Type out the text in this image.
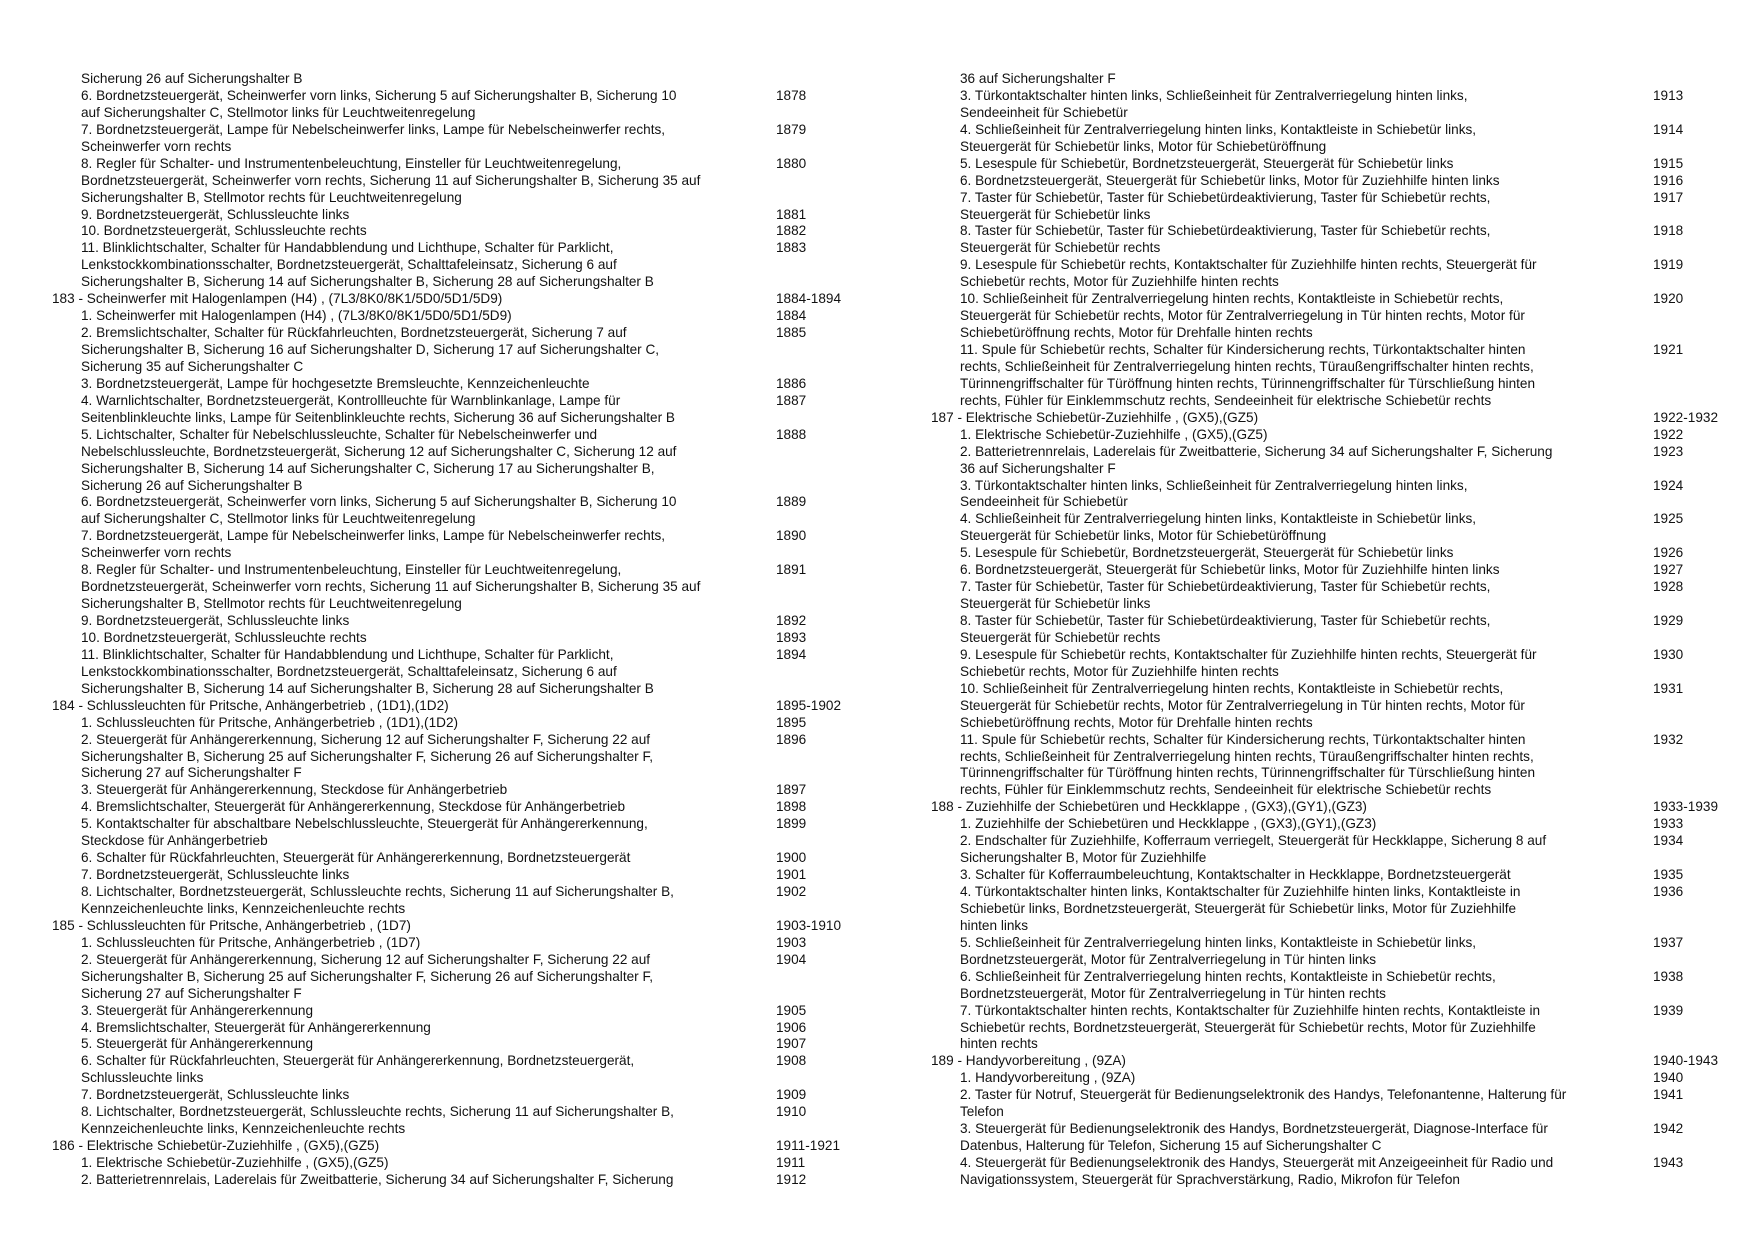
Sicherung 26 auf Sicherungshalter B
6. Bordnetzsteuergerät, Scheinwerfer vorn links, Sicherung 5 auf Sicherungshalter B, Sicherung 10	1878
auf Sicherungshalter C, Stellmotor links für Leuchtweitenregelung
7. Bordnetzsteuergerät, Lampe für Nebelscheinwerfer links, Lampe für Nebelscheinwerfer rechts,	1879
Scheinwerfer vorn rechts
8. Regler für Schalter- und Instrumentenbeleuchtung, Einsteller für Leuchtweitenregelung,	1880
Bordnetzsteuergerät, Scheinwerfer vorn rechts, Sicherung 11 auf Sicherungshalter B, Sicherung 35 auf
Sicherungshalter B, Stellmotor rechts für Leuchtweitenregelung
9. Bordnetzsteuergerät, Schlussleuchte links	1881
10. Bordnetzsteuergerät, Schlussleuchte rechts	1882
11. Blinklichtschalter, Schalter für Handabblendung und Lichthupe, Schalter für Parklicht,	1883
Lenkstockkombinationsschalter, Bordnetzsteuergerät, Schalttafeleinsatz, Sicherung 6 auf
Sicherungshalter B, Sicherung 14 auf Sicherungshalter B, Sicherung 28 auf Sicherungshalter B
183 - Scheinwerfer mit Halogenlampen (H4) , (7L3/8K0/8K1/5D0/5D1/5D9)	1884-1894
1. Scheinwerfer mit Halogenlampen (H4) , (7L3/8K0/8K1/5D0/5D1/5D9)	1884
2. Bremslichtschalter, Schalter für Rückfahrleuchten, Bordnetzsteuergerät, Sicherung 7 auf	1885
Sicherungshalter B, Sicherung 16 auf Sicherungshalter D, Sicherung 17 auf Sicherungshalter C,
Sicherung 35 auf Sicherungshalter C
3. Bordnetzsteuergerät, Lampe für hochgesetzte Bremsleuchte, Kennzeichenleuchte	1886
4. Warnlichtschalter, Bordnetzsteuergerät, Kontrollleuchte für Warnblinkanlage, Lampe für	1887
Seitenblinkleuchte links, Lampe für Seitenblinkleuchte rechts, Sicherung 36 auf Sicherungshalter B
5. Lichtschalter, Schalter für Nebelschlussleuchte, Schalter für Nebelscheinwerfer und	1888
Nebelschlussleuchte, Bordnetzsteuergerät, Sicherung 12 auf Sicherungshalter C, Sicherung 12 auf
Sicherungshalter B, Sicherung 14 auf Sicherungshalter C, Sicherung 17 au Sicherungshalter B,
Sicherung 26 auf Sicherungshalter B
6. Bordnetzsteuergerät, Scheinwerfer vorn links, Sicherung 5 auf Sicherungshalter B, Sicherung 10	1889
auf Sicherungshalter C, Stellmotor links für Leuchtweitenregelung
7. Bordnetzsteuergerät, Lampe für Nebelscheinwerfer links, Lampe für Nebelscheinwerfer rechts,	1890
Scheinwerfer vorn rechts
8. Regler für Schalter- und Instrumentenbeleuchtung, Einsteller für Leuchtweitenregelung,	1891
Bordnetzsteuergerät, Scheinwerfer vorn rechts, Sicherung 11 auf Sicherungshalter B, Sicherung 35 auf
Sicherungshalter B, Stellmotor rechts für Leuchtweitenregelung
9. Bordnetzsteuergerät, Schlussleuchte links	1892
10. Bordnetzsteuergerät, Schlussleuchte rechts	1893
11. Blinklichtschalter, Schalter für Handabblendung und Lichthupe, Schalter für Parklicht,	1894
Lenkstockkombinationsschalter, Bordnetzsteuergerät, Schalttafeleinsatz, Sicherung 6 auf
Sicherungshalter B, Sicherung 14 auf Sicherungshalter B, Sicherung 28 auf Sicherungshalter B
184 - Schlussleuchten für Pritsche, Anhängerbetrieb , (1D1),(1D2)	1895-1902
1. Schlussleuchten für Pritsche, Anhängerbetrieb , (1D1),(1D2)	1895
2. Steuergerät für Anhängererkennung, Sicherung 12 auf Sicherungshalter F, Sicherung 22 auf	1896
Sicherungshalter B, Sicherung 25 auf Sicherungshalter F, Sicherung 26 auf Sicherungshalter F,
Sicherung 27 auf Sicherungshalter F
3. Steuergerät für Anhängererkennung, Steckdose für Anhängerbetrieb	1897
4. Bremslichtschalter, Steuergerät für Anhängererkennung, Steckdose für Anhängerbetrieb	1898
5. Kontaktschalter für abschaltbare Nebelschlussleuchte, Steuergerät für Anhängererkennung,	1899
Steckdose für Anhängerbetrieb
6. Schalter für Rückfahrleuchten, Steuergerät für Anhängererkennung, Bordnetzsteuergerät	1900
7. Bordnetzsteuergerät, Schlussleuchte links	1901
8. Lichtschalter, Bordnetzsteuergerät, Schlussleuchte rechts, Sicherung 11 auf Sicherungshalter B,	1902
Kennzeichenleuchte links, Kennzeichenleuchte rechts
185 - Schlussleuchten für Pritsche, Anhängerbetrieb , (1D7)	1903-1910
1. Schlussleuchten für Pritsche, Anhängerbetrieb , (1D7)	1903
2. Steuergerät für Anhängererkennung, Sicherung 12 auf Sicherungshalter F, Sicherung 22 auf	1904
Sicherungshalter B, Sicherung 25 auf Sicherungshalter F, Sicherung 26 auf Sicherungshalter F,
Sicherung 27 auf Sicherungshalter F
3. Steuergerät für Anhängererkennung	1905
4. Bremslichtschalter, Steuergerät für Anhängererkennung	1906
5. Steuergerät für Anhängererkennung	1907
6. Schalter für Rückfahrleuchten, Steuergerät für Anhängererkennung, Bordnetzsteuergerät,	1908
Schlussleuchte links
7. Bordnetzsteuergerät, Schlussleuchte links	1909
8. Lichtschalter, Bordnetzsteuergerät, Schlussleuchte rechts, Sicherung 11 auf Sicherungshalter B,	1910
Kennzeichenleuchte links, Kennzeichenleuchte rechts
186 - Elektrische Schiebetür-Zuziehhilfe , (GX5),(GZ5)	1911-1921
1. Elektrische Schiebetür-Zuziehhilfe , (GX5),(GZ5)	1911
2. Batterietrennrelais, Laderelais für Zweitbatterie, Sicherung 34 auf Sicherungshalter F, Sicherung	1912
36 auf Sicherungshalter F
3. Türkontaktschalter hinten links, Schließeinheit für Zentralverriegelung hinten links,	1913
Sendeeinheit für Schiebetür
4. Schließeinheit für Zentralverriegelung hinten links, Kontaktleiste in Schiebetür links,	1914
Steuergerät für Schiebetür links, Motor für Schiebetüröffnung
5. Lesespule für Schiebetür, Bordnetzsteuergerät, Steuergerät für Schiebetür links	1915
6. Bordnetzsteuergerät, Steuergerät für Schiebetür links, Motor für Zuziehhilfe hinten links	1916
7. Taster für Schiebetür, Taster für Schiebetürdeaktivierung, Taster für Schiebetür rechts,	1917
Steuergerät für Schiebetür links
8. Taster für Schiebetür, Taster für Schiebetürdeaktivierung, Taster für Schiebetür rechts,	1918
Steuergerät für Schiebetür rechts
9. Lesespule für Schiebetür rechts, Kontaktschalter für Zuziehhilfe hinten rechts, Steuergerät für	1919
Schiebetür rechts, Motor für Zuziehhilfe hinten rechts
10. Schließeinheit für Zentralverriegelung hinten rechts, Kontaktleiste in Schiebetür rechts,	1920
Steuergerät für Schiebetür rechts, Motor für Zentralverriegelung in Tür hinten rechts, Motor für
Schiebetüröffnung rechts, Motor für Drehfalle hinten rechts
11. Spule für Schiebetür rechts, Schalter für Kindersicherung rechts, Türkontaktschalter hinten	1921
rechts, Schließeinheit für Zentralverriegelung hinten rechts, Türaußengriffschalter hinten rechts,
Türinnengriffschalter für Türöffnung hinten rechts, Türinnengriffschalter für Türschließung hinten
rechts, Fühler für Einklemmschutz rechts, Sendeeinheit für elektrische Schiebetür rechts
187 - Elektrische Schiebetür-Zuziehhilfe , (GX5),(GZ5)	1922-1932
1. Elektrische Schiebetür-Zuziehhilfe , (GX5),(GZ5)	1922
2. Batterietrennrelais, Laderelais für Zweitbatterie, Sicherung 34 auf Sicherungshalter F, Sicherung	1923
36 auf Sicherungshalter F
3. Türkontaktschalter hinten links, Schließeinheit für Zentralverriegelung hinten links,	1924
Sendeeinheit für Schiebetür
4. Schließeinheit für Zentralverriegelung hinten links, Kontaktleiste in Schiebetür links,	1925
Steuergerät für Schiebetür links, Motor für Schiebetüröffnung
5. Lesespule für Schiebetür, Bordnetzsteuergerät, Steuergerät für Schiebetür links	1926
6. Bordnetzsteuergerät, Steuergerät für Schiebetür links, Motor für Zuziehhilfe hinten links	1927
7. Taster für Schiebetür, Taster für Schiebetürdeaktivierung, Taster für Schiebetür rechts,	1928
Steuergerät für Schiebetür links
8. Taster für Schiebetür, Taster für Schiebetürdeaktivierung, Taster für Schiebetür rechts,	1929
Steuergerät für Schiebetür rechts
9. Lesespule für Schiebetür rechts, Kontaktschalter für Zuziehhilfe hinten rechts, Steuergerät für	1930
Schiebetür rechts, Motor für Zuziehhilfe hinten rechts
10. Schließeinheit für Zentralverriegelung hinten rechts, Kontaktleiste in Schiebetür rechts,	1931
Steuergerät für Schiebetür rechts, Motor für Zentralverriegelung in Tür hinten rechts, Motor für
Schiebetüröffnung rechts, Motor für Drehfalle hinten rechts
11. Spule für Schiebetür rechts, Schalter für Kindersicherung rechts, Türkontaktschalter hinten	1932
rechts, Schließeinheit für Zentralverriegelung hinten rechts, Türaußengriffschalter hinten rechts,
Türinnengriffschalter für Türöffnung hinten rechts, Türinnengriffschalter für Türschließung hinten
rechts, Fühler für Einklemmschutz rechts, Sendeeinheit für elektrische Schiebetür rechts
188 - Zuziehhilfe der Schiebetüren und Heckklappe , (GX3),(GY1),(GZ3)	1933-1939
1. Zuziehhilfe der Schiebetüren und Heckklappe , (GX3),(GY1),(GZ3)	1933
2. Endschalter für Zuziehhilfe, Kofferraum verriegelt, Steuergerät für Heckklappe, Sicherung 8 auf	1934
Sicherungshalter B, Motor für Zuziehhilfe
3. Schalter für Kofferraumbeleuchtung, Kontaktschalter in Heckklappe, Bordnetzsteuergerät	1935
4. Türkontaktschalter hinten links, Kontaktschalter für Zuziehhilfe hinten links, Kontaktleiste in	1936
Schiebetür links, Bordnetzsteuergerät, Steuergerät für Schiebetür links, Motor für Zuziehhilfe
hinten links
5. Schließeinheit für Zentralverriegelung hinten links, Kontaktleiste in Schiebetür links,	1937
Bordnetzsteuergerät, Motor für Zentralverriegelung in Tür hinten links
6. Schließeinheit für Zentralverriegelung hinten rechts, Kontaktleiste in Schiebetür rechts,	1938
Bordnetzsteuergerät, Motor für Zentralverriegelung in Tür hinten rechts
7. Türkontaktschalter hinten rechts, Kontaktschalter für Zuziehhilfe hinten rechts, Kontaktleiste in	1939
Schiebetür rechts, Bordnetzsteuergerät, Steuergerät für Schiebetür rechts, Motor für Zuziehhilfe
hinten rechts
189 - Handyvorbereitung , (9ZA)	1940-1943
1. Handyvorbereitung , (9ZA)	1940
2. Taster für Notruf, Steuergerät für Bedienungselektronik des Handys, Telefonantenne, Halterung für	1941
Telefon
3. Steuergerät für Bedienungselektronik des Handys, Bordnetzsteuergerät, Diagnose-Interface für	1942
Datenbus, Halterung für Telefon, Sicherung 15 auf Sicherungshalter C
4. Steuergerät für Bedienungselektronik des Handys, Steuergerät mit Anzeigeeinheit für Radio und	1943
Navigationssystem, Steuergerät für Sprachverstärkung, Radio, Mikrofon für Telefon
